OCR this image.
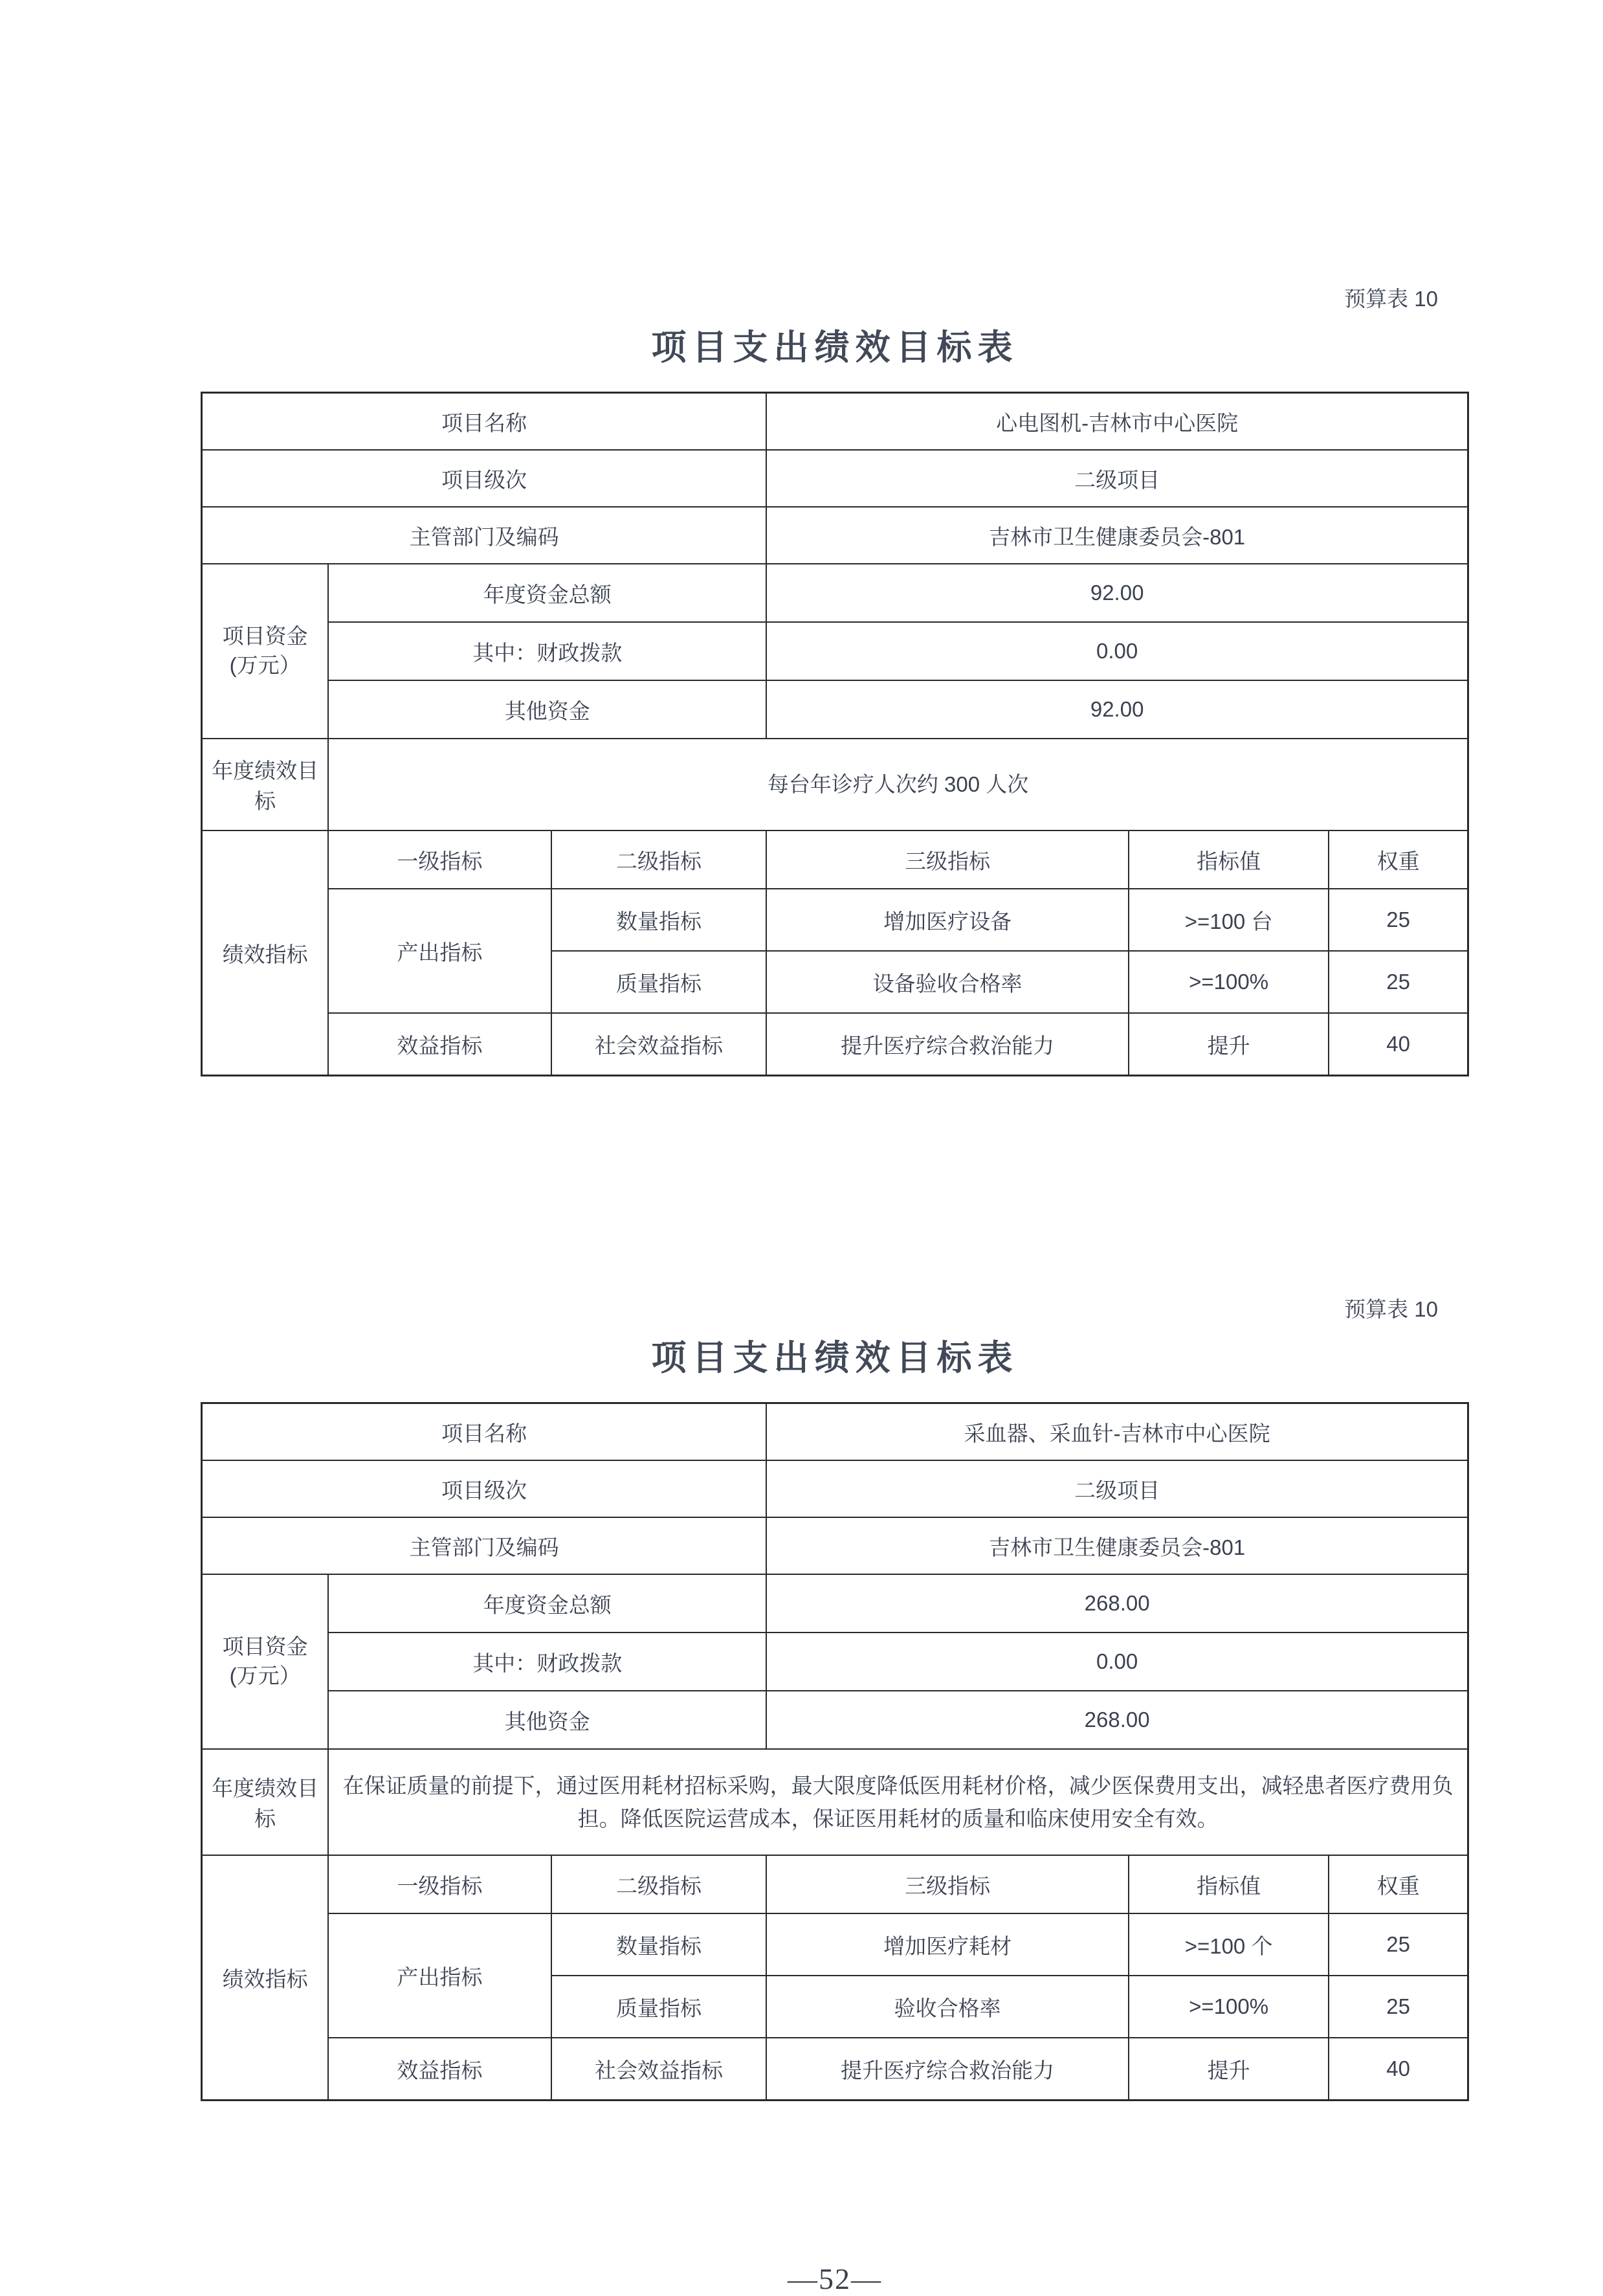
预算表 10
项目支出绩效目标表
项目名称			心电图机-吉林市中心医院		
项目级次			二级项目		
主管部门及编码			吉林市卫生健康委员会-801		

项目资金
(万元）	年度资金总额		92.00		
	其中：财政拨款		0.00		
	其他资金		92.00		
年度绩效目标	每台年诊疗人次约 300 人次				
绩效指标	一级指标	二级指标	三级指标	指标值	权重
	产出指标	数量指标	增加医疗设备	>=100 台	25
		质量指标	设备验收合格率	>=100%	25
	效益指标	社会效益指标	提升医疗综合救治能力	提升	40
预算表 10
项目支出绩效目标表
项目名称			采血器、采血针-吉林市中心医院		
项目级次			二级项目		
主管部门及编码			吉林市卫生健康委员会-801		

项目资金
(万元）	年度资金总额		268.00		
	其中：财政拨款		0.00		
	其他资金		268.00		
年度绩效目标	在保证质量的前提下，通过医用耗材招标采购，最大限度降低医用耗材价格，减少医保费用支出，减轻患者医疗费用负担。降低医院运营成本，保证医用耗材的质量和临床使用安全有效。				
绩效指标	一级指标	二级指标	三级指标	指标值	权重
	产出指标	数量指标	增加医疗耗材	>=100 个	25
		质量指标	验收合格率	>=100%	25
	效益指标	社会效益指标	提升医疗综合救治能力	提升	40
—52—
